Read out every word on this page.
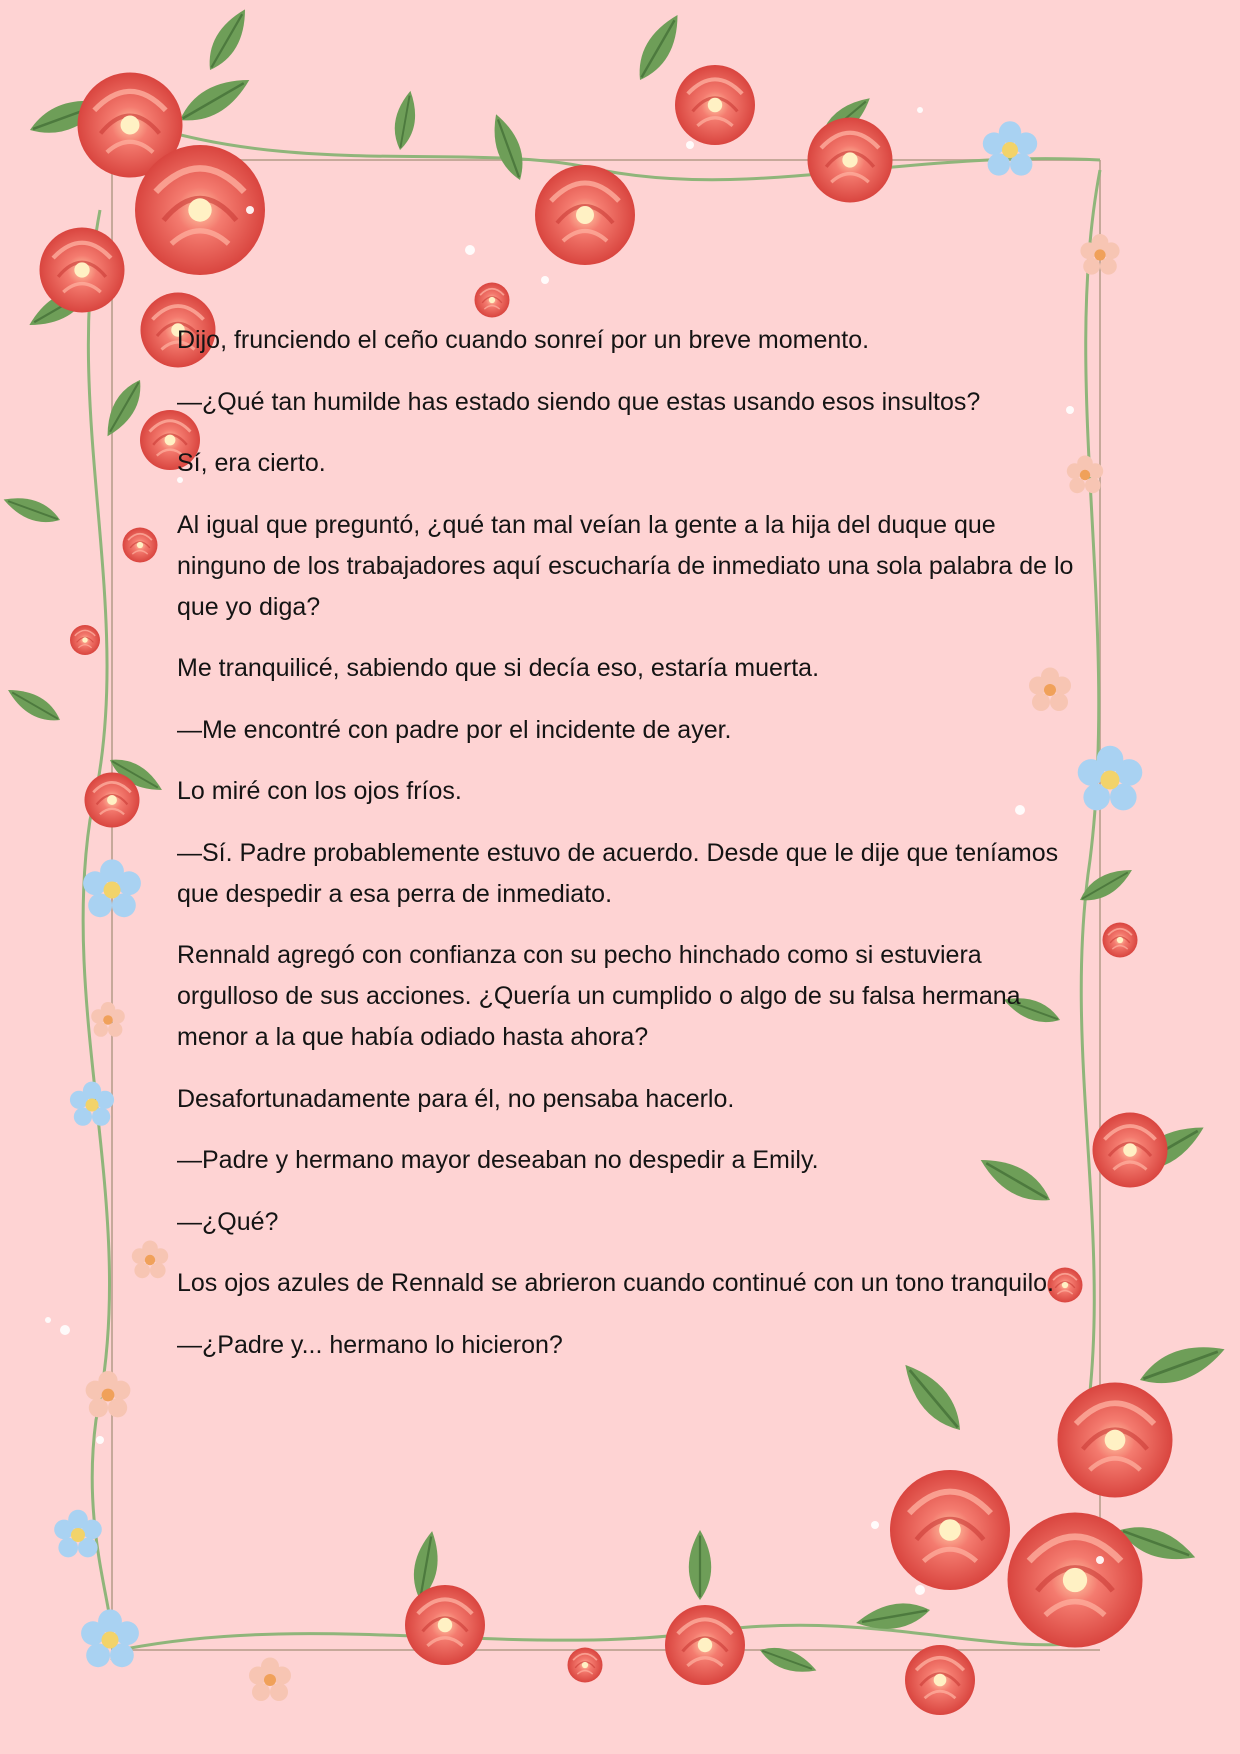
Dijo, frunciendo el ceño cuando sonreí por un breve momento.

—¿Qué tan humilde has estado siendo que estas usando esos insultos?

Sí, era cierto.

Al igual que preguntó, ¿qué tan mal veían la gente a la hija del duque que ninguno de los trabajadores aquí escucharía de inmediato una sola palabra de lo que yo diga?

Me tranquilicé, sabiendo que si decía eso, estaría muerta.

—Me encontré con padre por el incidente de ayer.

Lo miré con los ojos fríos.

—Sí. Padre probablemente estuvo de acuerdo. Desde que le dije que teníamos que despedir a esa perra de inmediato.

Rennald agregó con confianza con su pecho hinchado como si estuviera orgulloso de sus acciones. ¿Quería un cumplido o algo de su falsa hermana menor a la que había odiado hasta ahora?

Desafortunadamente para él, no pensaba hacerlo.

—Padre y hermano mayor deseaban no despedir a Emily.

—¿Qué?

Los ojos azules de Rennald se abrieron cuando continué con un tono tranquilo.

—¿Padre y... hermano lo hicieron?
